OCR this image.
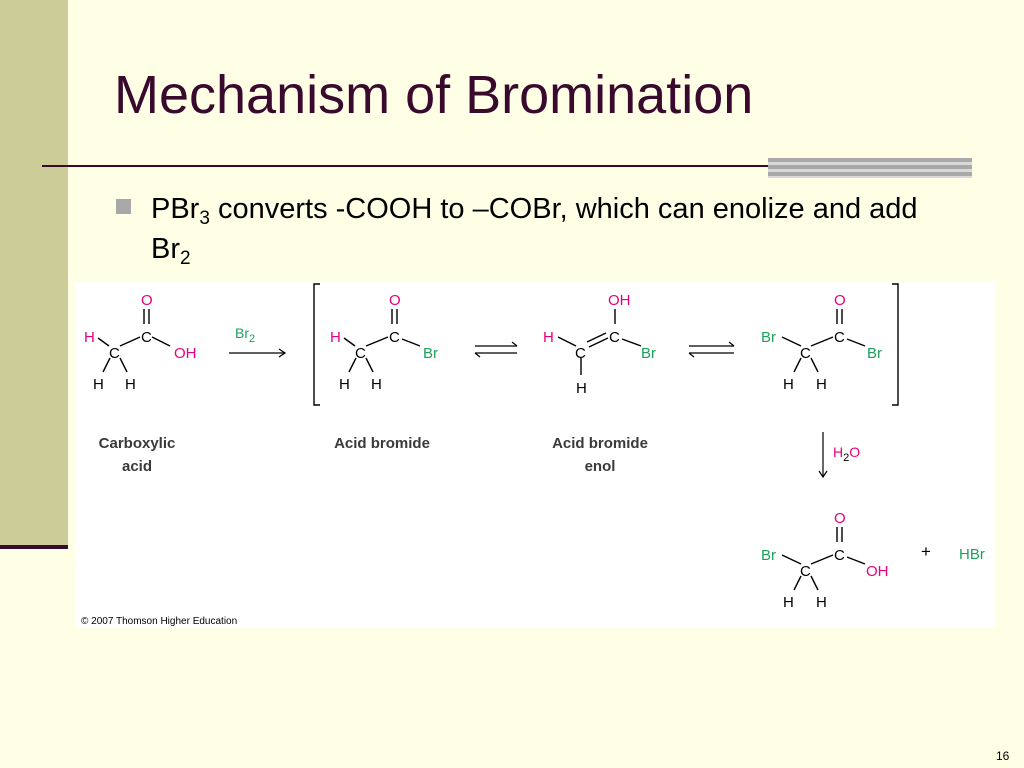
Mechanism of Bromination
PBr$_3$ converts -COOH to –COBr, which can enolize and add $Br_2$
H
C
C
O
OH
H H
$Br_2$	H
C
C
O
Br
H H
H
C
C
OH
Br
H
Br
C
C
O
Br
H H
$H_2O$
Br
C
C
O
OH
H H
+ HBr
Carboxylic
acid
Acid bromide	Acid bromide
enol
© 2007 Thomson Higher Education
16
